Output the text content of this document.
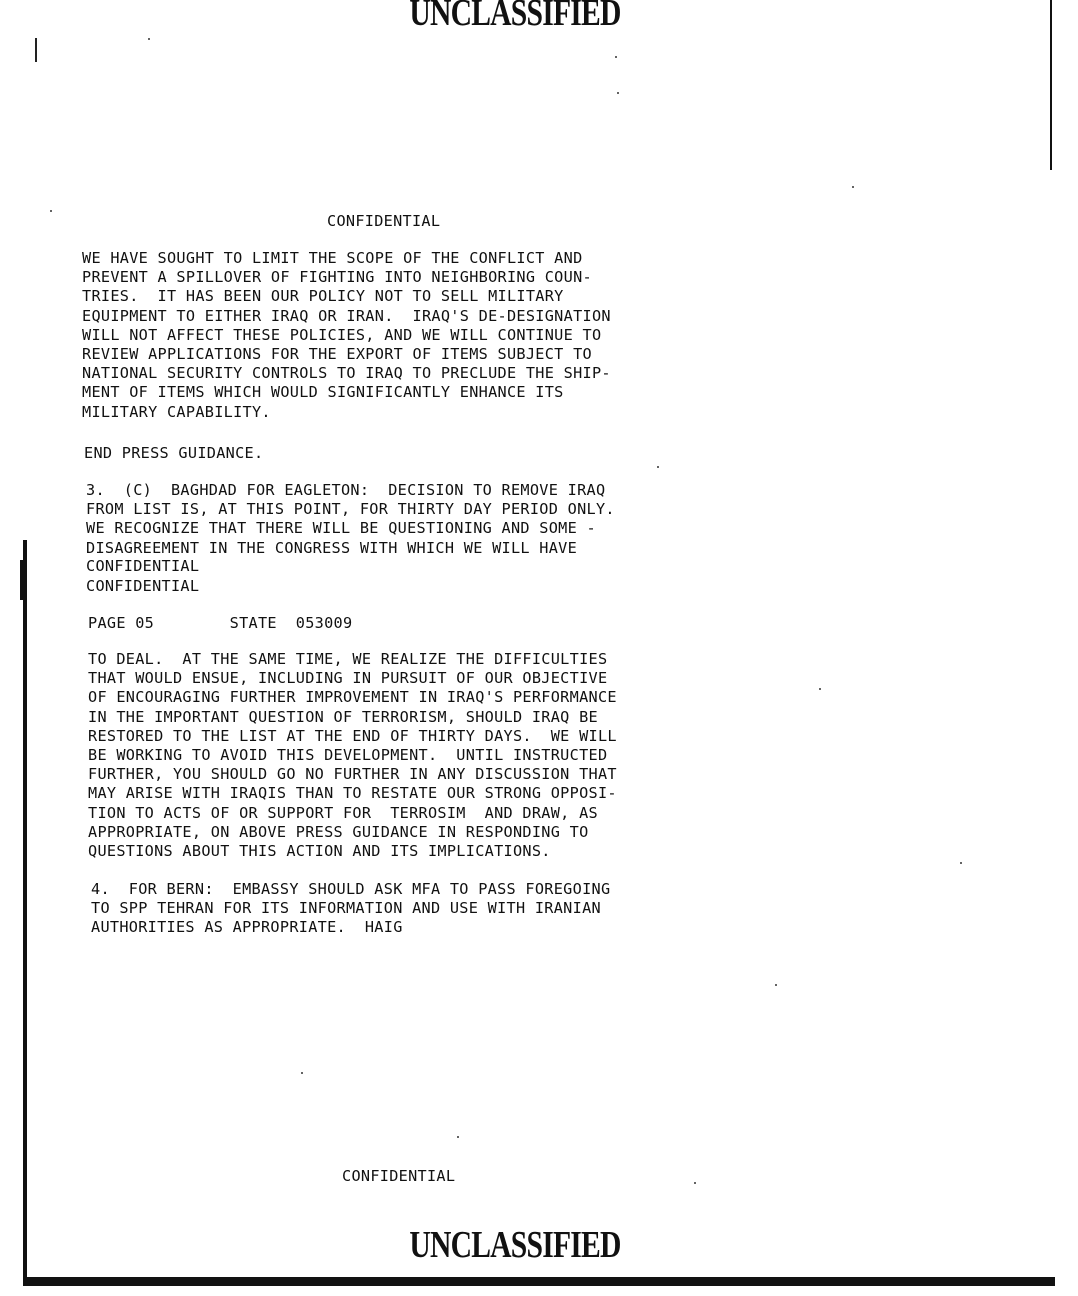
UNCLASSIFIED
CONFIDENTIAL
WE HAVE SOUGHT TO LIMIT THE SCOPE OF THE CONFLICT AND
PREVENT A SPILLOVER OF FIGHTING INTO NEIGHBORING COUN-
TRIES.  IT HAS BEEN OUR POLICY NOT TO SELL MILITARY
EQUIPMENT TO EITHER IRAQ OR IRAN.  IRAQ'S DE-DESIGNATION
WILL NOT AFFECT THESE POLICIES, AND WE WILL CONTINUE TO
REVIEW APPLICATIONS FOR THE EXPORT OF ITEMS SUBJECT TO
NATIONAL SECURITY CONTROLS TO IRAQ TO PRECLUDE THE SHIP-
MENT OF ITEMS WHICH WOULD SIGNIFICANTLY ENHANCE ITS
MILITARY CAPABILITY.
END PRESS GUIDANCE.
3.  (C)  BAGHDAD FOR EAGLETON:  DECISION TO REMOVE IRAQ
FROM LIST IS, AT THIS POINT, FOR THIRTY DAY PERIOD ONLY.
WE RECOGNIZE THAT THERE WILL BE QUESTIONING AND SOME -
DISAGREEMENT IN THE CONGRESS WITH WHICH WE WILL HAVE
CONFIDENTIAL
CONFIDENTIAL
PAGE 05        STATE  053009
TO DEAL.  AT THE SAME TIME, WE REALIZE THE DIFFICULTIES
THAT WOULD ENSUE, INCLUDING IN PURSUIT OF OUR OBJECTIVE
OF ENCOURAGING FURTHER IMPROVEMENT IN IRAQ'S PERFORMANCE
IN THE IMPORTANT QUESTION OF TERRORISM, SHOULD IRAQ BE
RESTORED TO THE LIST AT THE END OF THIRTY DAYS.  WE WILL
BE WORKING TO AVOID THIS DEVELOPMENT.  UNTIL INSTRUCTED
FURTHER, YOU SHOULD GO NO FURTHER IN ANY DISCUSSION THAT
MAY ARISE WITH IRAQIS THAN TO RESTATE OUR STRONG OPPOSI-
TION TO ACTS OF OR SUPPORT FOR  TERROSIM  AND DRAW, AS
APPROPRIATE, ON ABOVE PRESS GUIDANCE IN RESPONDING TO
QUESTIONS ABOUT THIS ACTION AND ITS IMPLICATIONS.
4.  FOR BERN:  EMBASSY SHOULD ASK MFA TO PASS FOREGOING
TO SPP TEHRAN FOR ITS INFORMATION AND USE WITH IRANIAN
AUTHORITIES AS APPROPRIATE.  HAIG
CONFIDENTIAL
UNCLASSIFIED
